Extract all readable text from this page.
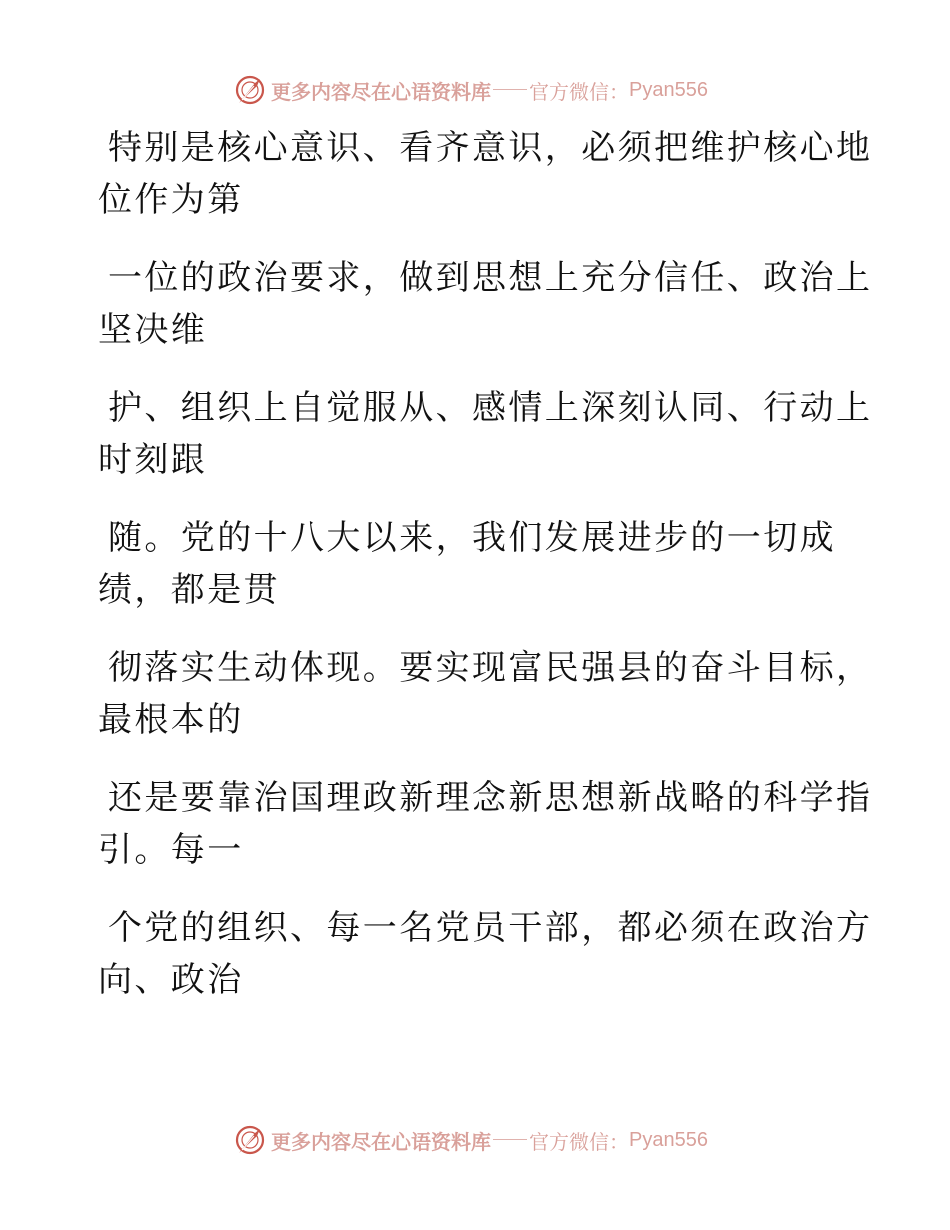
更多内容尽在心语资料库 官方微信： Pyan556
特别是核心意识、看齐意识，必须把维护核心地
位作为第
一位的政治要求，做到思想上充分信任、政治上
坚决维
护、组织上自觉服从、感情上深刻认同、行动上
时刻跟
随。党的十八大以来，我们发展进步的一切成
绩，都是贯
彻落实生动体现。要实现富民强县的奋斗目标，
最根本的
还是要靠治国理政新理念新思想新战略的科学指
引。每一
个党的组织、每一名党员干部，都必须在政治方
向、政治
更多内容尽在心语资料库 官方微信： Pyan556
